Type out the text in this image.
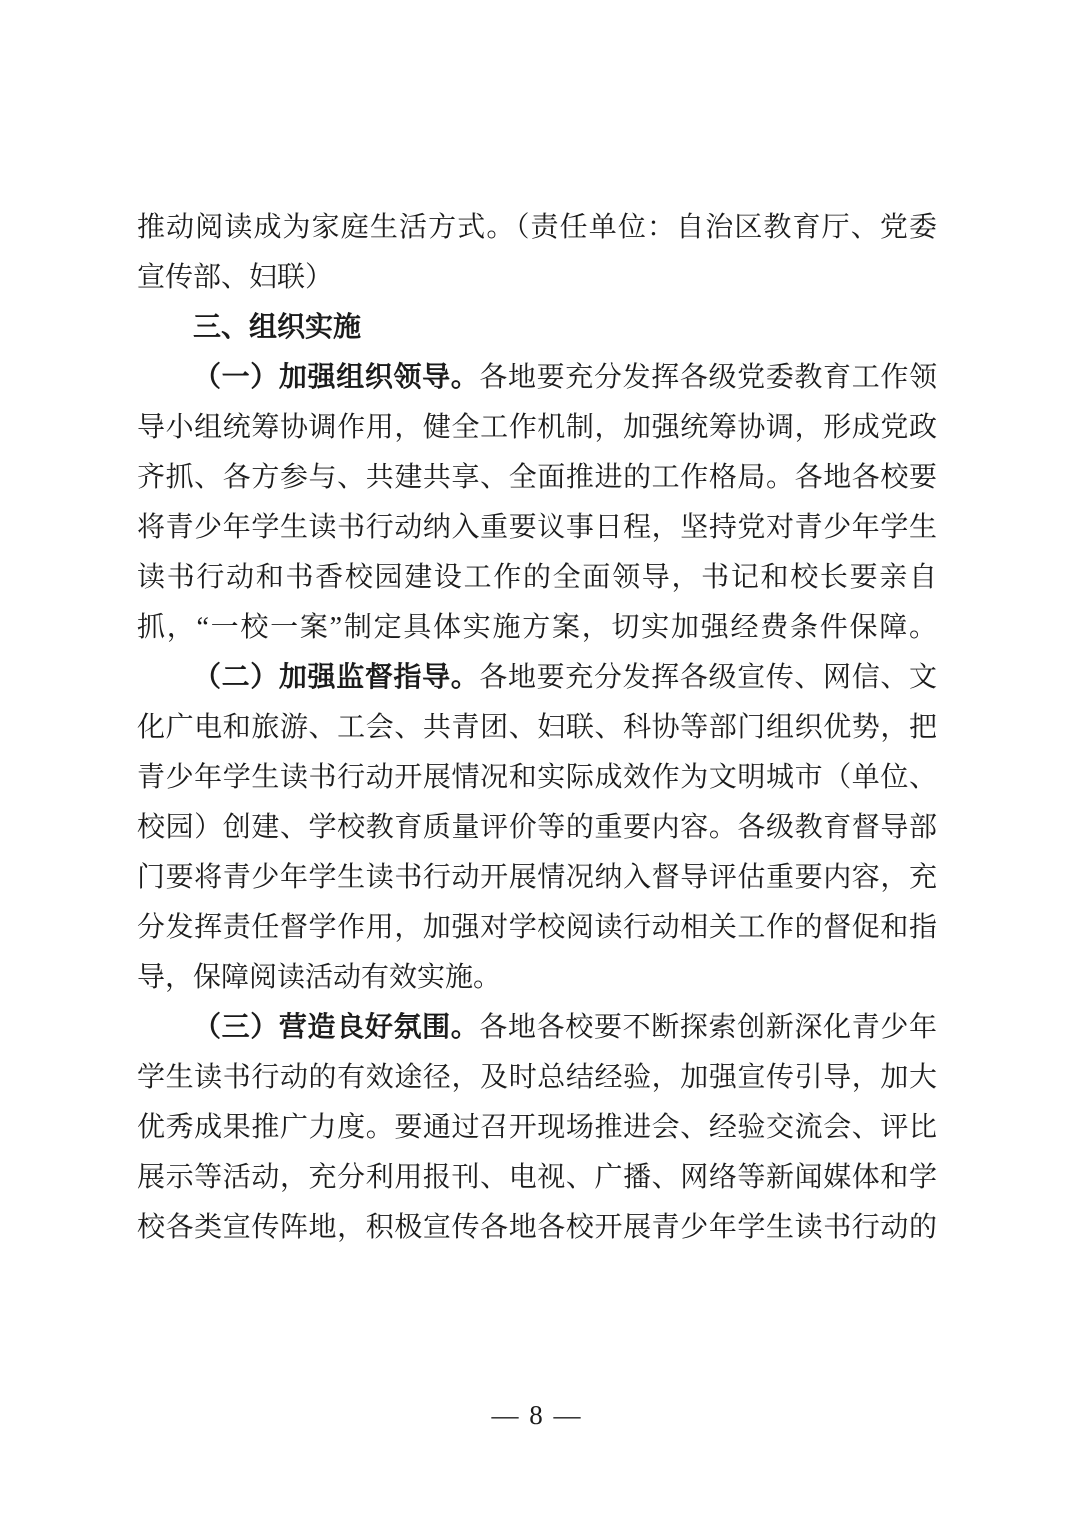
推动阅读成为家庭生活方式。（责任单位：自治区教育厅、党委
宣传部、妇联）
三、组织实施
（一）加强组织领导。各地要充分发挥各级党委教育工作领
导小组统筹协调作用，健全工作机制，加强统筹协调，形成党政
齐抓、各方参与、共建共享、全面推进的工作格局。各地各校要
将青少年学生读书行动纳入重要议事日程，坚持党对青少年学生
读书行动和书香校园建设工作的全面领导，书记和校长要亲自
抓，“一校一案”制定具体实施方案，切实加强经费条件保障。
（二）加强监督指导。各地要充分发挥各级宣传、网信、文
化广电和旅游、工会、共青团、妇联、科协等部门组织优势，把
青少年学生读书行动开展情况和实际成效作为文明城市（单位、
校园）创建、学校教育质量评价等的重要内容。各级教育督导部
门要将青少年学生读书行动开展情况纳入督导评估重要内容，充
分发挥责任督学作用，加强对学校阅读行动相关工作的督促和指
导，保障阅读活动有效实施。
（三）营造良好氛围。各地各校要不断探索创新深化青少年
学生读书行动的有效途径，及时总结经验，加强宣传引导，加大
优秀成果推广力度。要通过召开现场推进会、经验交流会、评比
展示等活动，充分利用报刊、电视、广播、网络等新闻媒体和学
校各类宣传阵地，积极宣传各地各校开展青少年学生读书行动的
— 8 —
